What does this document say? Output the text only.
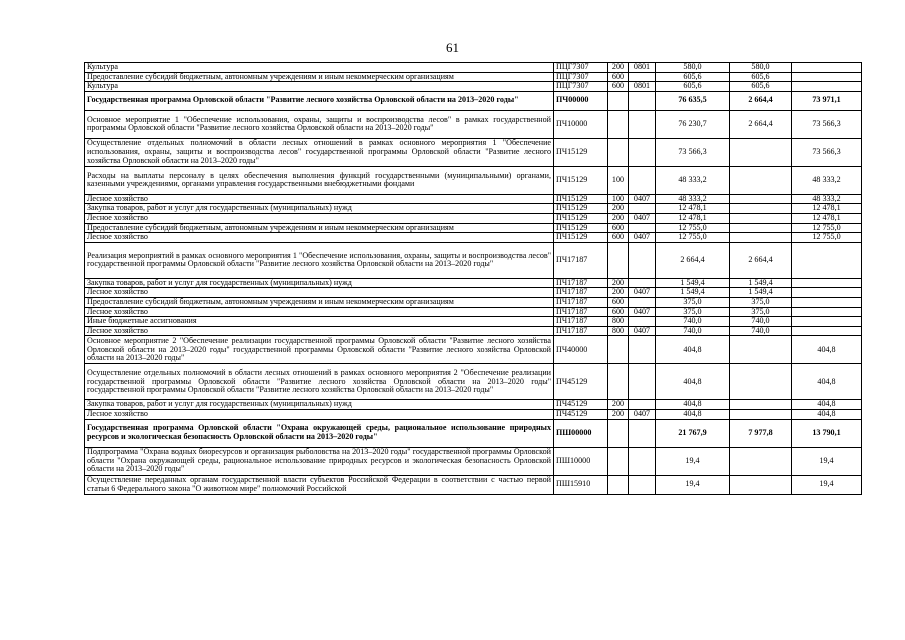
61
Культура	ПЦГ7307	200	0801	580,0	580,0	
Предоставление субсидий бюджетным, автономным учреждениям и иным некоммерческим организациям	ПЦГ7307	600		605,6	605,6	
Культура	ПЦГ7307	600	0801	605,6	605,6	
Государственная программа Орловской области "Развитие лесного хозяйства Орловской области на 2013–2020 годы"	ПЧ00000			76 635,5	2 664,4	73 971,1
Основное мероприятие 1 "Обеспечение использования, охраны, защиты и воспроизводства лесов" в рамках государственной программы Орловской области "Развитие лесного хозяйства Орловской области на 2013–2020 годы"	ПЧ10000			76 230,7	2 664,4	73 566,3
Осуществление отдельных полномочий в области лесных отношений в рамках основного мероприятия 1 "Обеспечение использования, охраны, защиты и воспроизводства лесов" государственной программы Орловской области "Развитие лесного хозяйства Орловской области на 2013–2020 годы"	ПЧ15129			73 566,3		73 566,3
Расходы на выплаты персоналу в целях обеспечения выполнения функций государственными (муниципальными) органами, казенными учреждениями, органами управления государственными внебюджетными фондами	ПЧ15129	100		48 333,2		48 333,2
Лесное хозяйство	ПЧ15129	100	0407	48 333,2		48 333,2
Закупка товаров, работ и услуг для государственных (муниципальных) нужд	ПЧ15129	200		12 478,1		12 478,1
Лесное хозяйство	ПЧ15129	200	0407	12 478,1		12 478,1
Предоставление субсидий бюджетным, автономным учреждениям и иным некоммерческим организациям	ПЧ15129	600		12 755,0		12 755,0
Лесное хозяйство	ПЧ15129	600	0407	12 755,0		12 755,0
Реализация мероприятий в рамках основного мероприятия 1 "Обеспечение использования, охраны, защиты и воспроизводства лесов" государственной программы Орловской области "Развитие лесного хозяйства Орловской области на 2013–2020 годы"	ПЧ17187			2 664,4	2 664,4	
Закупка товаров, работ и услуг для государственных (муниципальных) нужд	ПЧ17187	200		1 549,4	1 549,4	
Лесное хозяйство	ПЧ17187	200	0407	1 549,4	1 549,4	
Предоставление субсидий бюджетным, автономным учреждениям и иным некоммерческим организациям	ПЧ17187	600		375,0	375,0	
Лесное хозяйство	ПЧ17187	600	0407	375,0	375,0	
Иные бюджетные ассигнования	ПЧ17187	800		740,0	740,0	
Лесное хозяйство	ПЧ17187	800	0407	740,0	740,0	
Основное мероприятие 2 "Обеспечение реализации государственной программы Орловской области "Развитие лесного хозяйства Орловской области на 2013–2020 годы" государственной программы Орловской области "Развитие лесного хозяйства Орловской области на 2013–2020 годы"	ПЧ40000			404,8		404,8
Осуществление отдельных полномочий в области лесных отношений в рамках основного мероприятия 2 "Обеспечение реализации государственной программы Орловской области "Развитие лесного хозяйства Орловской области на 2013–2020 годы" государственной программы Орловской области "Развитие лесного хозяйства Орловской области на 2013–2020 годы"	ПЧ45129			404,8		404,8
Закупка товаров, работ и услуг для государственных (муниципальных) нужд	ПЧ45129	200		404,8		404,8
Лесное хозяйство	ПЧ45129	200	0407	404,8		404,8
Государственная программа Орловской области "Охрана окружающей среды, рациональное использование природных ресурсов и экологическая безопасность Орловской области на 2013–2020 годы"	ПШ00000			21 767,9	7 977,8	13 790,1
Подпрограмма "Охрана водных биоресурсов и организация рыболовства на 2013–2020 годы" государственной программы Орловской области "Охрана окружающей среды, рациональное использование природных ресурсов и экологическая безопасность Орловской области на 2013–2020 годы"	ПШ10000			19,4		19,4
Осуществление переданных органам государственной власти субъектов Российской Федерации в соответствии с частью первой статьи 6 Федерального закона "О животном мире" полномочий Российской	ПШ15910			19,4		19,4
